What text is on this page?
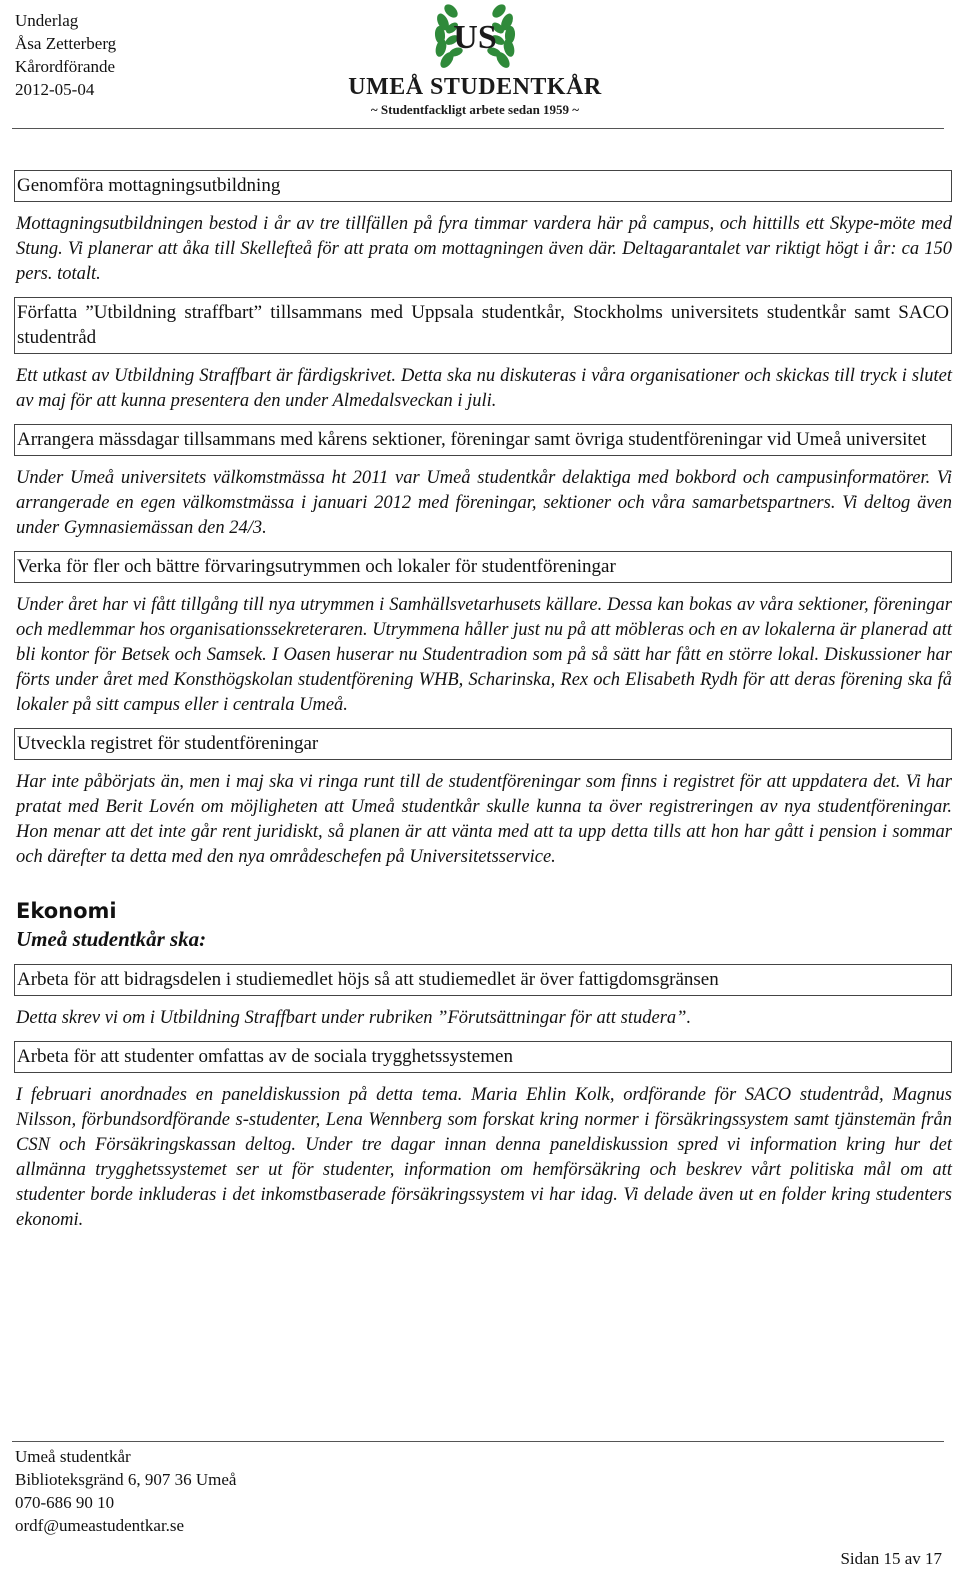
Underlag
Åsa Zetterberg
Kårordförande
2012-05-04
US
UMEÅ STUDENTKÅR
~ Studentfackligt arbete sedan 1959 ~
Genomföra mottagningsutbildning
Mottagningsutbildningen bestod i år av tre tillfällen på fyra timmar vardera här på campus, och hittills ett Skype-möte med Stung. Vi planerar att åka till Skellefteå för att prata om mottagningen även där. Deltagarantalet var riktigt högt i år: ca 150 pers. totalt.
Författa ”Utbildning straffbart” tillsammans med Uppsala studentkår, Stockholms universitets studentkår samt SACO studentråd
Ett utkast av Utbildning Straffbart är färdigskrivet. Detta ska nu diskuteras i våra organisationer och skickas till tryck i slutet av maj för att kunna presentera den under Almedalsveckan i juli.
Arrangera mässdagar tillsammans med kårens sektioner, föreningar samt övriga studentföreningar vid Umeå universitet
Under Umeå universitets välkomstmässa ht 2011 var Umeå studentkår delaktiga med bokbord och campusinformatörer. Vi arrangerade en egen välkomstmässa i januari 2012 med föreningar, sektioner och våra samarbetspartners. Vi deltog även under Gymnasiemässan den 24/3.
Verka för fler och bättre förvaringsutrymmen och lokaler för studentföreningar
Under året har vi fått tillgång till nya utrymmen i Samhällsvetarhusets källare. Dessa kan bokas av våra sektioner, föreningar och medlemmar hos organisationssekreteraren. Utrymmena håller just nu på att möbleras och en av lokalerna är planerad att bli kontor för Betsek och Samsek. I Oasen huserar nu Studentradion som på så sätt har fått en större lokal. Diskussioner har förts under året med Konsthögskolan studentförening WHB, Scharinska, Rex och Elisabeth Rydh för att deras förening ska få lokaler på sitt campus eller i centrala Umeå.
Utveckla registret för studentföreningar
Har inte påbörjats än, men i maj ska vi ringa runt till de studentföreningar som finns i registret för att uppdatera det. Vi har pratat med Berit Lovén om möjligheten att Umeå studentkår skulle kunna ta över registreringen av nya studentföreningar. Hon menar att det inte går rent juridiskt, så planen är att vänta med att ta upp detta tills att hon har gått i pension i sommar och därefter ta detta med den nya områdeschefen på Universitetsservice.
Ekonomi
Umeå studentkår ska:
Arbeta för att bidragsdelen i studiemedlet höjs så att studiemedlet är över fattigdomsgränsen
Detta skrev vi om i Utbildning Straffbart under rubriken ”Förutsättningar för att studera”.
Arbeta för att studenter omfattas av de sociala trygghetssystemen
I februari anordnades en paneldiskussion på detta tema. Maria Ehlin Kolk, ordförande för SACO studentråd, Magnus Nilsson, förbundsordförande s-studenter, Lena Wennberg som forskat kring normer i försäkringssystem samt tjänstemän från CSN och Försäkringskassan deltog. Under tre dagar innan denna paneldiskussion spred vi information kring hur det allmänna trygghetssystemet ser ut för studenter, information om hemförsäkring och beskrev vårt politiska mål om att studenter borde inkluderas i det inkomstbaserade försäkringssystem vi har idag. Vi delade även ut en folder kring studenters ekonomi.
Umeå studentkår
Biblioteksgränd 6, 907 36 Umeå
070-686 90 10
ordf@umeastudentkar.se
Sidan 15 av 17
